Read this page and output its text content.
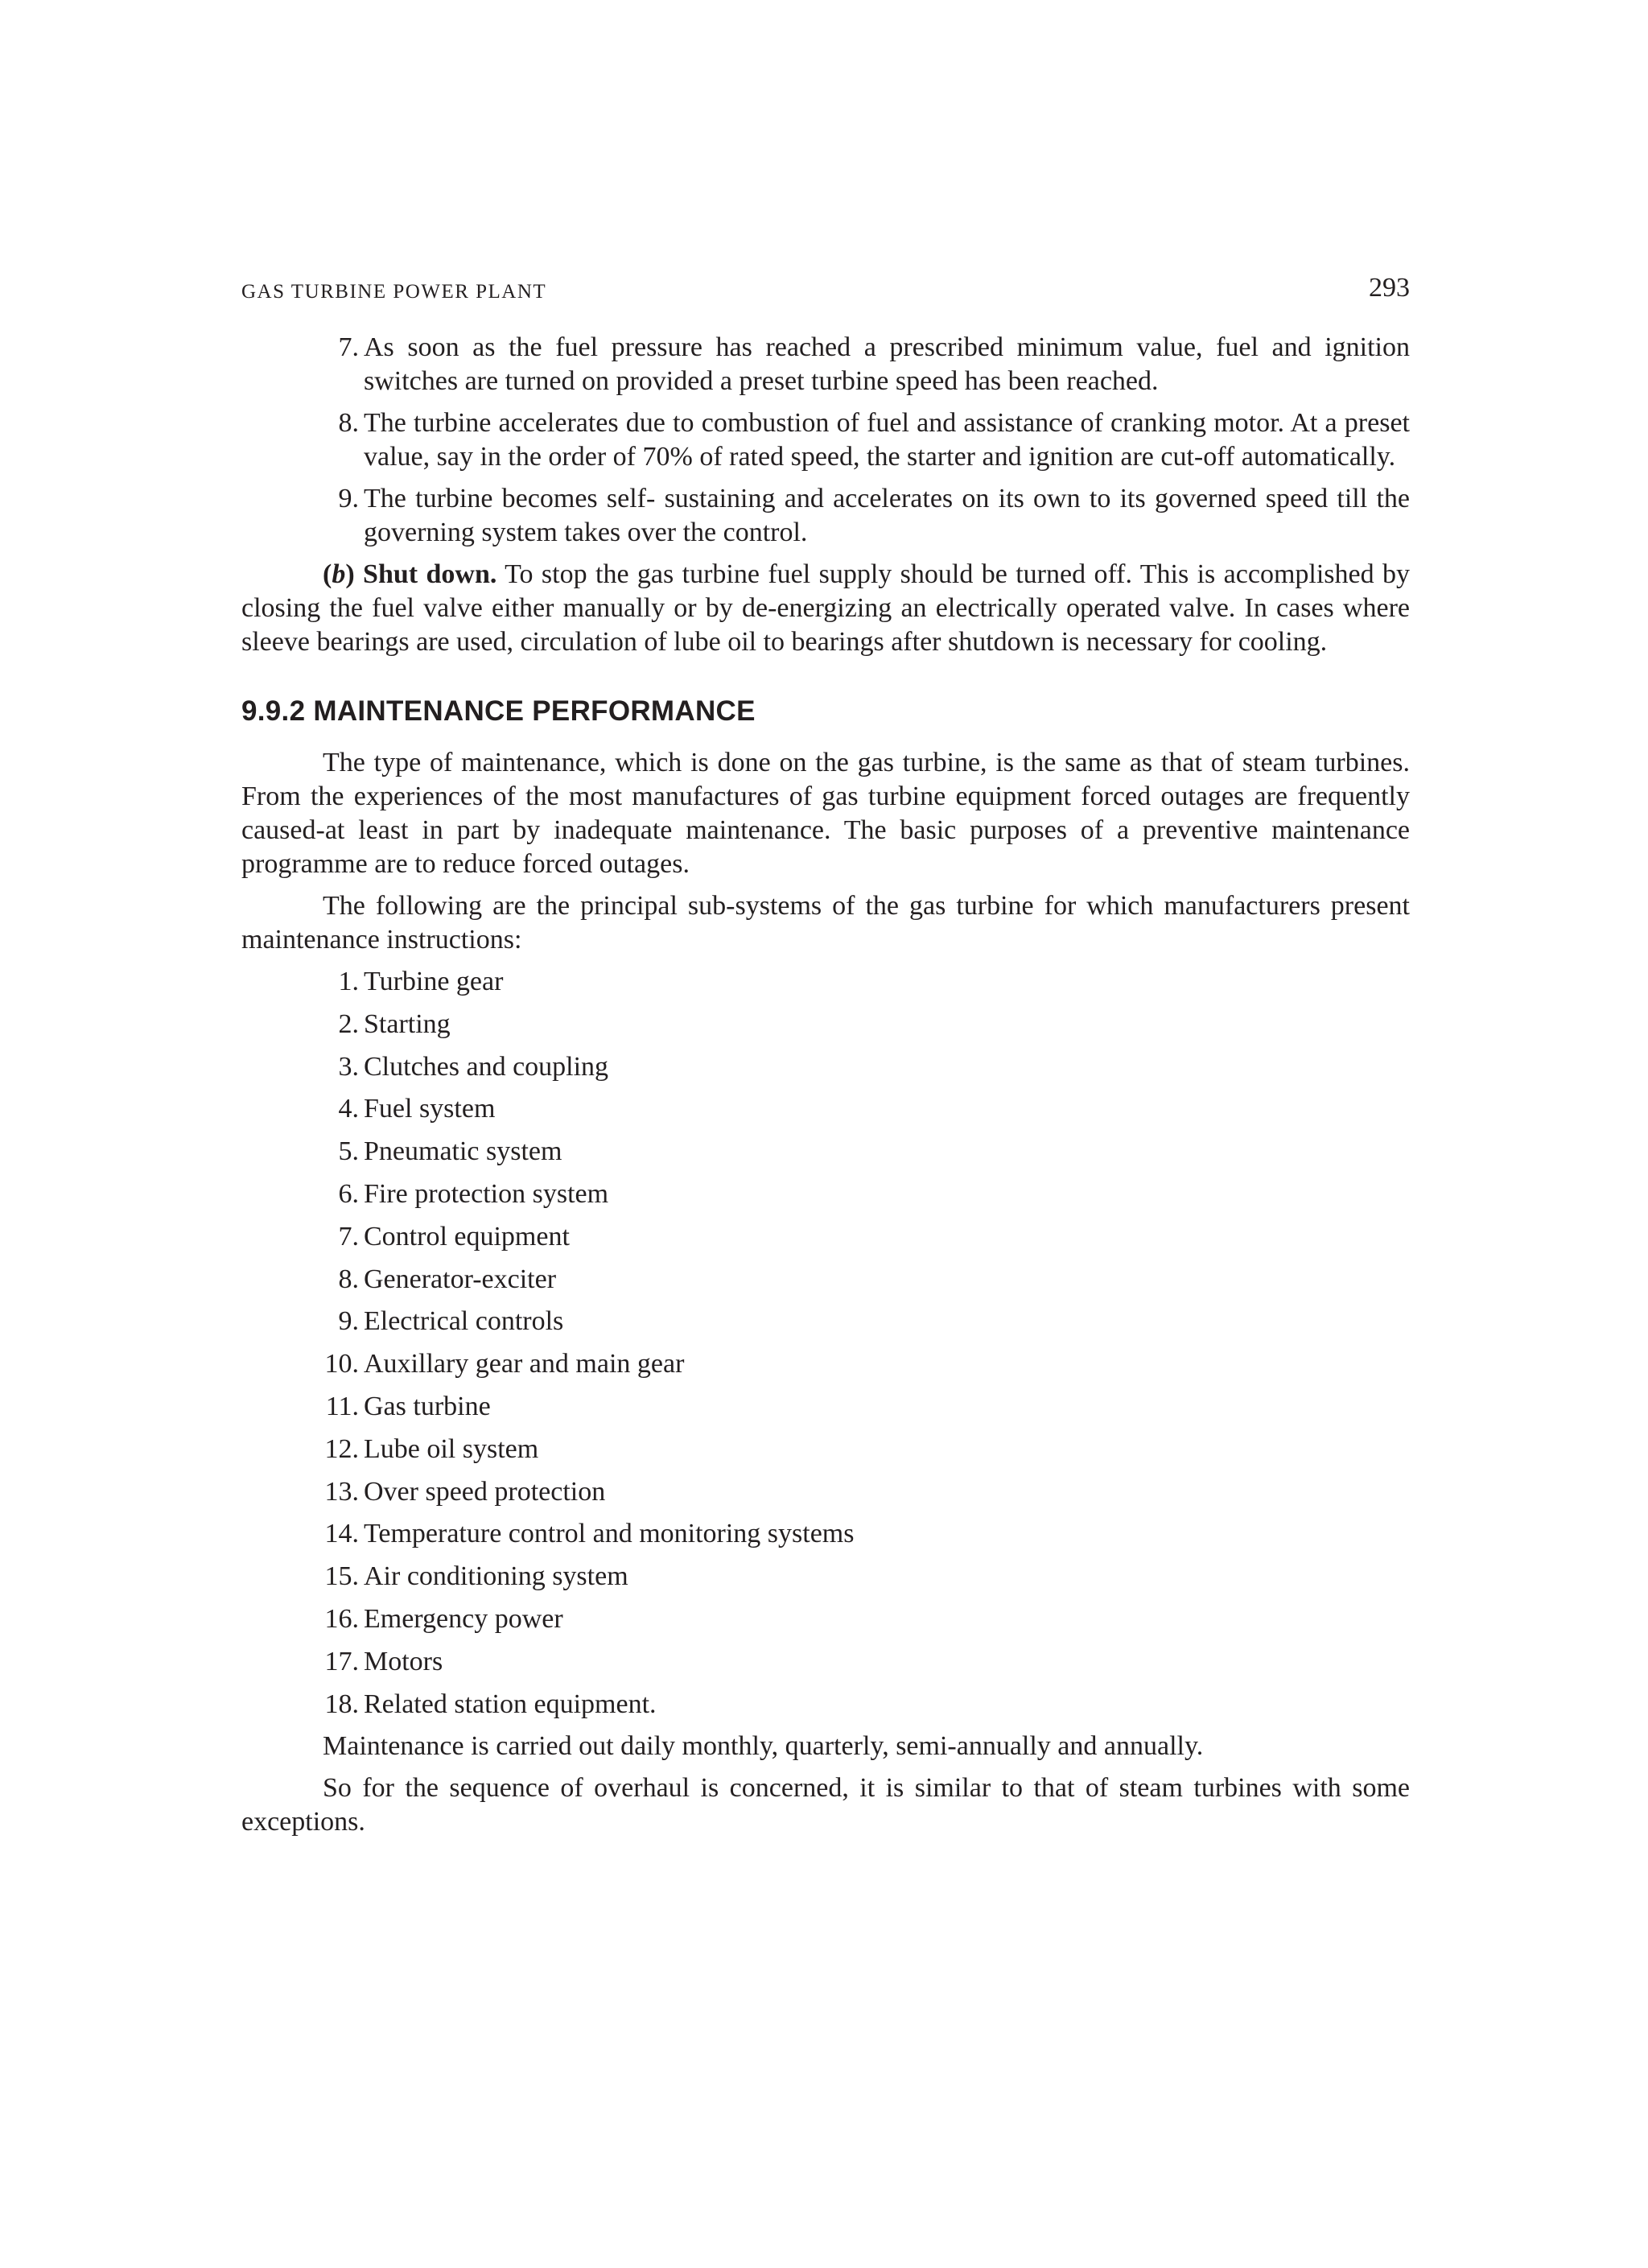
GAS TURBINE POWER PLANT	293
7. As soon as the fuel pressure has reached a prescribed minimum value, fuel and ignition switches are turned on provided a preset turbine speed has been reached.
8. The turbine accelerates due to combustion of fuel and assistance of cranking motor. At a preset value, say in the order of 70% of rated speed, the starter and ignition are cut-off automatically.
9. The turbine becomes self- sustaining and accelerates on its own to its governed speed till the governing system takes over the control.

(b) Shut down. To stop the gas turbine fuel supply should be turned off. This is accomplished by closing the fuel valve either manually or by de-energizing an electrically operated valve. In cases where sleeve bearings are used, circulation of lube oil to bearings after shutdown is necessary for cooling.

9.9.2 MAINTENANCE PERFORMANCE

The type of maintenance, which is done on the gas turbine, is the same as that of steam turbines. From the experiences of the most manufactures of gas turbine equipment forced outages are frequently caused-at least in part by inadequate maintenance. The basic purposes of a preventive maintenance programme are to reduce forced outages.

The following are the principal sub-systems of the gas turbine for which manufacturers present maintenance instructions:

1. Turbine gear
2. Starting
3. Clutches and coupling
4. Fuel system
5. Pneumatic system
6. Fire protection system
7. Control equipment
8. Generator-exciter
9. Electrical controls
10. Auxillary gear and main gear
11. Gas turbine
12. Lube oil system
13. Over speed protection
14. Temperature control and monitoring systems
15. Air conditioning system
16. Emergency power
17. Motors
18. Related station equipment.

Maintenance is carried out daily monthly, quarterly, semi-annually and annually.

So for the sequence of overhaul is concerned, it is similar to that of steam turbines with some exceptions.
